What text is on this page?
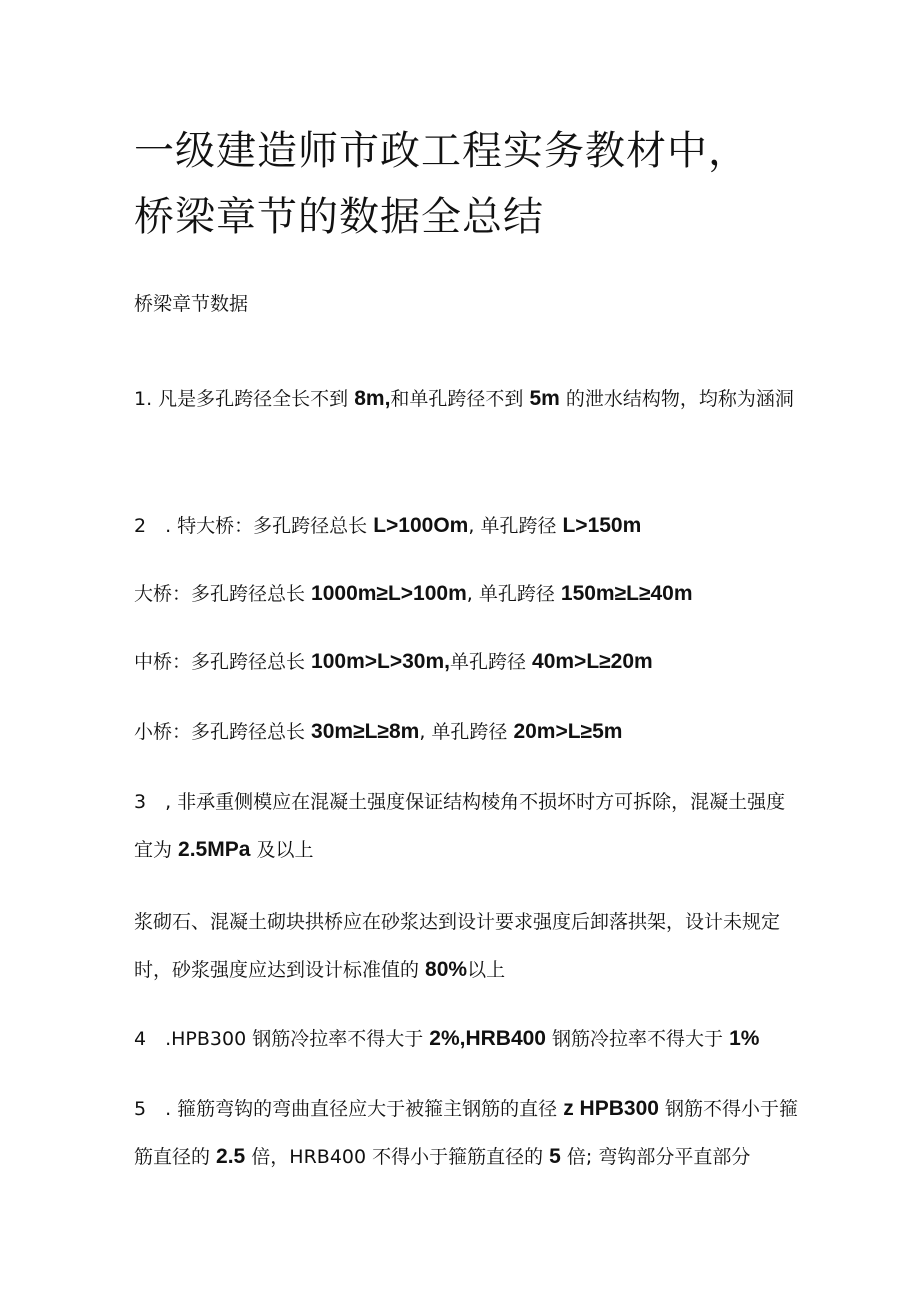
一级建造师市政工程实务教材中，
桥梁章节的数据全总结

桥梁章节数据

1. 凡是多孔跨径全长不到 8m,和单孔跨径不到 5m 的泄水结构物，均称为涵洞

2　. 特大桥：多孔跨径总长 L>100Om, 单孔跨径 L>150m

大桥：多孔跨径总长 1000m≥L>100m, 单孔跨径 150m≥L≥40m

中桥：多孔跨径总长 100m>L>30m,单孔跨径 40m>L≥20m

小桥：多孔跨径总长 30m≥L≥8m, 单孔跨径 20m>L≥5m

3　, 非承重侧模应在混凝土强度保证结构棱角不损坏时方可拆除，混凝土强度宜为 2.5MPa 及以上

浆砌石、混凝土砌块拱桥应在砂浆达到设计要求强度后卸落拱架，设计未规定时，砂浆强度应达到设计标准值的 80%以上

4　.HPB300 钢筋冷拉率不得大于 2%,HRB400 钢筋冷拉率不得大于 1%

5　. 箍筋弯钩的弯曲直径应大于被箍主钢筋的直径 z HPB300 钢筋不得小于箍筋直径的 2.5 倍，HRB400 不得小于箍筋直径的 5 倍; 弯钩部分平直部分
